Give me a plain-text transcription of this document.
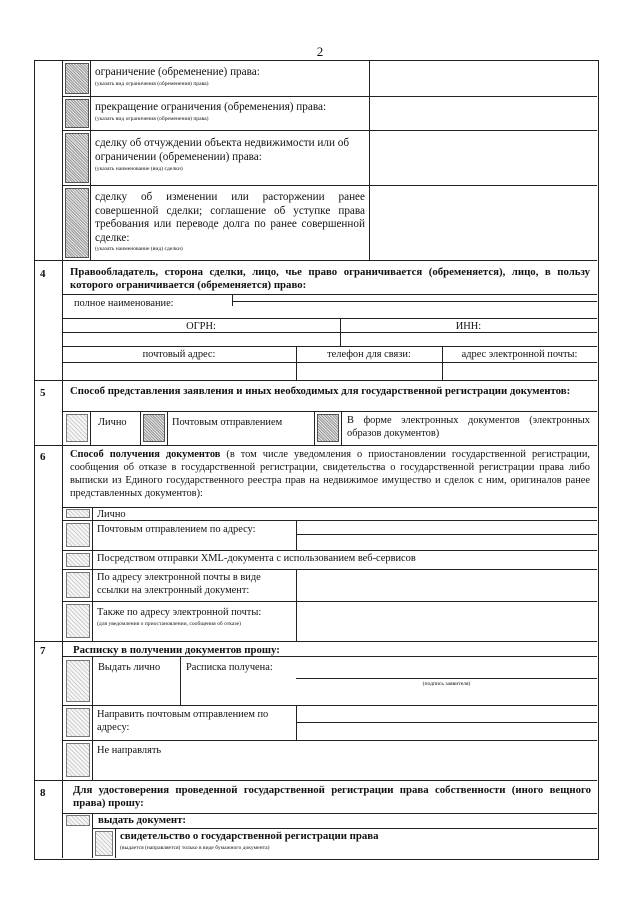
2
ограничение (обременение) права:
(указать вид ограничения (обременения) права)
прекращение ограничения (обременения) права:
(указать вид ограничения (обременения) права)
сделку об отчуждении объекта недвижимости или об ограничении (обременении) права:
(указать наименование (вид) сделки)
сделку об изменении или расторжении ранее совершенной сделки; соглашение об уступке права требования или переводе долга по ранее совершенной сделке:
(указать наименование (вид) сделки)
4 Правообладатель, сторона сделки, лицо, чье право ограничивается (обременяется), лицо, в пользу которого ограничивается (обременяется) право:
полное наименование:
ОГРН:	ИНН:
почтовый адрес:	телефон для связи:	адрес электронной почты:
5 Способ представления заявления и иных необходимых для государственной регистрации документов:
Лично	Почтовым отправлением	В форме электронных документов (электронных образов документов)
6 Способ получения документов (в том числе уведомления о приостановлении государственной регистрации, сообщения об отказе в государственной регистрации, свидетельства о государственной регистрации права либо выписки из Единого государственного реестра прав на недвижимое имущество и сделок с ним, оригиналов ранее представленных документов):
Лично
Почтовым отправлением по адресу:
Посредством отправки XML-документа с использованием веб-сервисов
По адресу электронной почты в виде ссылки на электронный документ:
Также по адресу электронной почты:
(для уведомления о приостановлении, сообщения об отказе)
7	Расписку в получении документов прошу:
Выдать лично Расписка получена:
(подпись заявителя)
Направить почтовым отправлением по адресу:
Не направлять
8	Для удостоверения проведенной государственной регистрации права собственности (иного вещного права) прошу:
выдать документ:
свидетельство о государственной регистрации права
(выдается (направляется) только в виде бумажного документа)
